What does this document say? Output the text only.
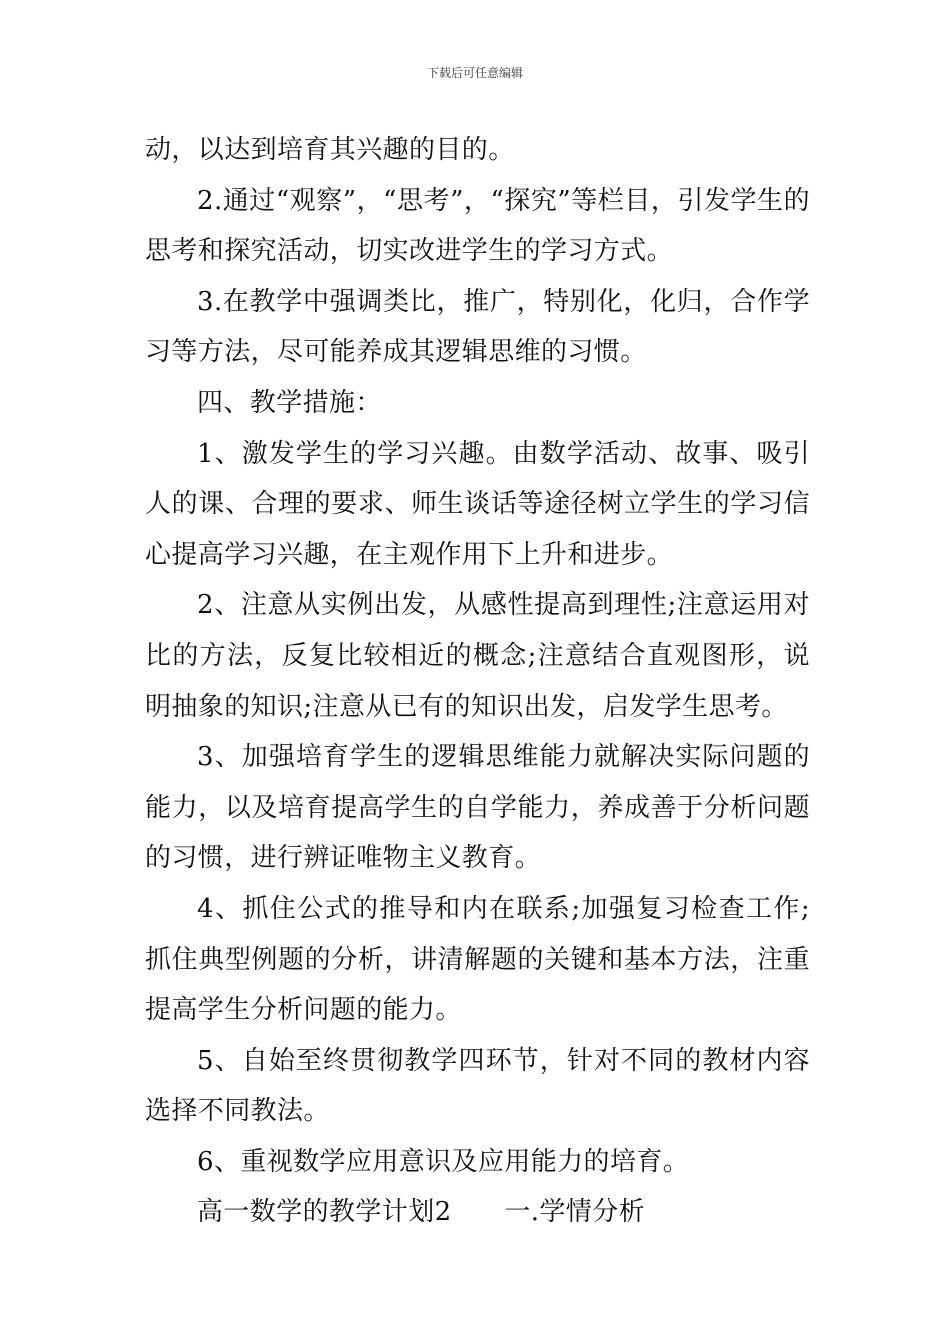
下载后可任意编辑

动，以达到培育其兴趣的目的。

2.通过“观察”，“思考”，“探究”等栏目，引发学生的思考和探究活动，切实改进学生的学习方式。

3.在教学中强调类比，推广，特别化，化归，合作学习等方法，尽可能养成其逻辑思维的习惯。

四、教学措施：

1、激发学生的学习兴趣。由数学活动、故事、吸引人的课、合理的要求、师生谈话等途径树立学生的学习信心提高学习兴趣，在主观作用下上升和进步。

2、注意从实例出发，从感性提高到理性;注意运用对比的方法，反复比较相近的概念;注意结合直观图形，说明抽象的知识;注意从已有的知识出发，启发学生思考。

3、加强培育学生的逻辑思维能力就解决实际问题的能力，以及培育提高学生的自学能力，养成善于分析问题的习惯，进行辨证唯物主义教育。

4、抓住公式的推导和内在联系;加强复习检查工作;抓住典型例题的分析，讲清解题的关键和基本方法，注重提高学生分析问题的能力。

5、自始至终贯彻教学四环节，针对不同的教材内容选择不同教法。

6、重视数学应用意识及应用能力的培育。

高一数学的教学计划2　　一.学情分析
